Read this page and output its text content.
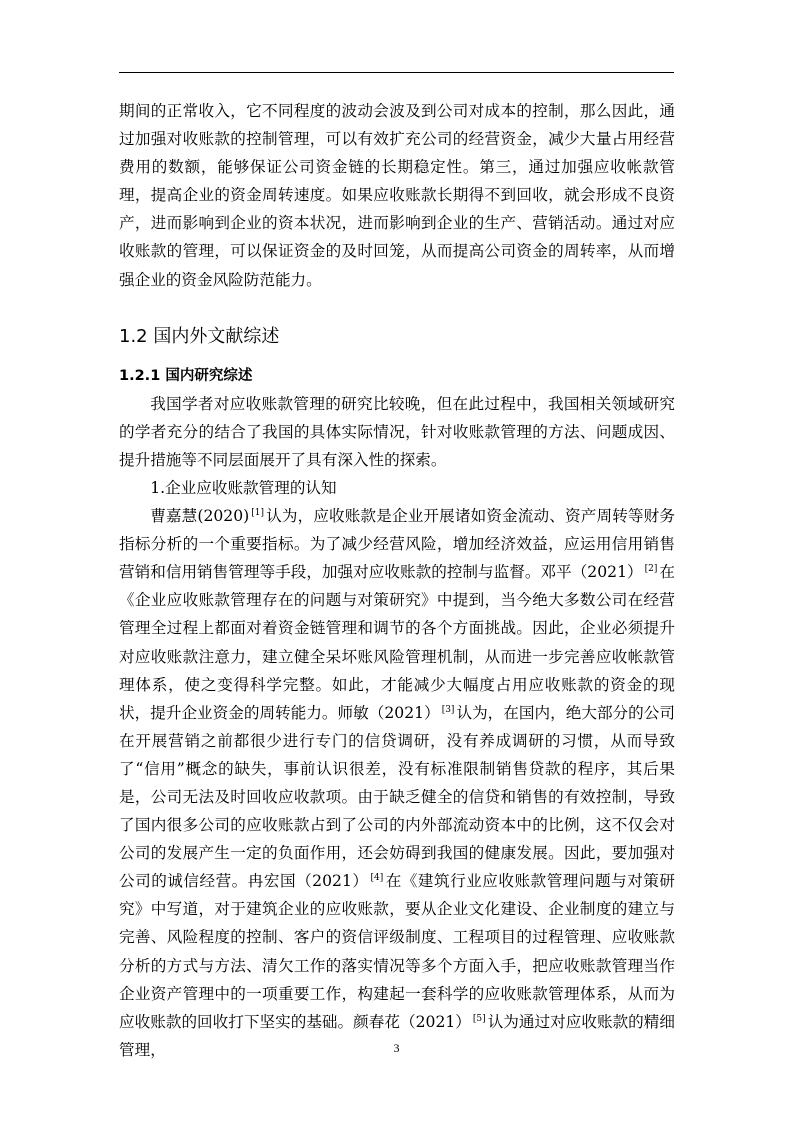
期间的正常收入，它不同程度的波动会波及到公司对成本的控制，那么因此，通过加强对收账款的控制管理，可以有效扩充公司的经营资金，减少大量占用经营费用的数额，能够保证公司资金链的长期稳定性。第三，通过加强应收帐款管理，提高企业的资金周转速度。如果应收账款长期得不到回收，就会形成不良资产，进而影响到企业的资本状况，进而影响到企业的生产、营销活动。通过对应收账款的管理，可以保证资金的及时回笼，从而提高公司资金的周转率，从而增强企业的资金风险防范能力。

1.2 国内外文献综述
1.2.1 国内研究综述

我国学者对应收账款管理的研究比较晚，但在此过程中，我国相关领域研究的学者充分的结合了我国的具体实际情况，针对收账款管理的方法、问题成因、提升措施等不同层面展开了具有深入性的探索。

1.企业应收账款管理的认知

曹嘉慧(2020) [1] 认为，应收账款是企业开展诸如资金流动、资产周转等财务指标分析的一个重要指标。为了减少经营风险，增加经济效益，应运用信用销售营销和信用销售管理等手段，加强对应收账款的控制与监督。邓平（2021） [2] 在《企业应收账款管理存在的问题与对策研究》中提到，当今绝大多数公司在经营管理全过程上都面对着资金链管理和调节的各个方面挑战。因此，企业必须提升对应收账款注意力，建立健全呆坏账风险管理机制，从而进一步完善应收帐款管理体系，使之变得科学完整。如此，才能减少大幅度占用应收账款的资金的现状，提升企业资金的周转能力。师敏（2021） [3] 认为，在国内，绝大部分的公司在开展营销之前都很少进行专门的信贷调研，没有养成调研的习惯，从而导致了“信用”概念的缺失，事前认识很差，没有标准限制销售贷款的程序，其后果是，公司无法及时回收应收款项。由于缺乏健全的信贷和销售的有效控制，导致了国内很多公司的应收账款占到了公司的内外部流动资本中的比例，这不仅会对公司的发展产生一定的负面作用，还会妨碍到我国的健康发展。因此，要加强对公司的诚信经营。冉宏国（2021） [4] 在《建筑行业应收账款管理问题与对策研究》中写道，对于建筑企业的应收账款，要从企业文化建设、企业制度的建立与完善、风险程度的控制、客户的资信评级制度、工程项目的过程管理、应收账款分析的方式与方法、清欠工作的落实情况等多个方面入手，把应收账款管理当作企业资产管理中的一项重要工作，构建起一套科学的应收账款管理体系，从而为应收账款的回收打下坚实的基础。颜春花（2021） [5] 认为通过对应收账款的精细管理，	3
